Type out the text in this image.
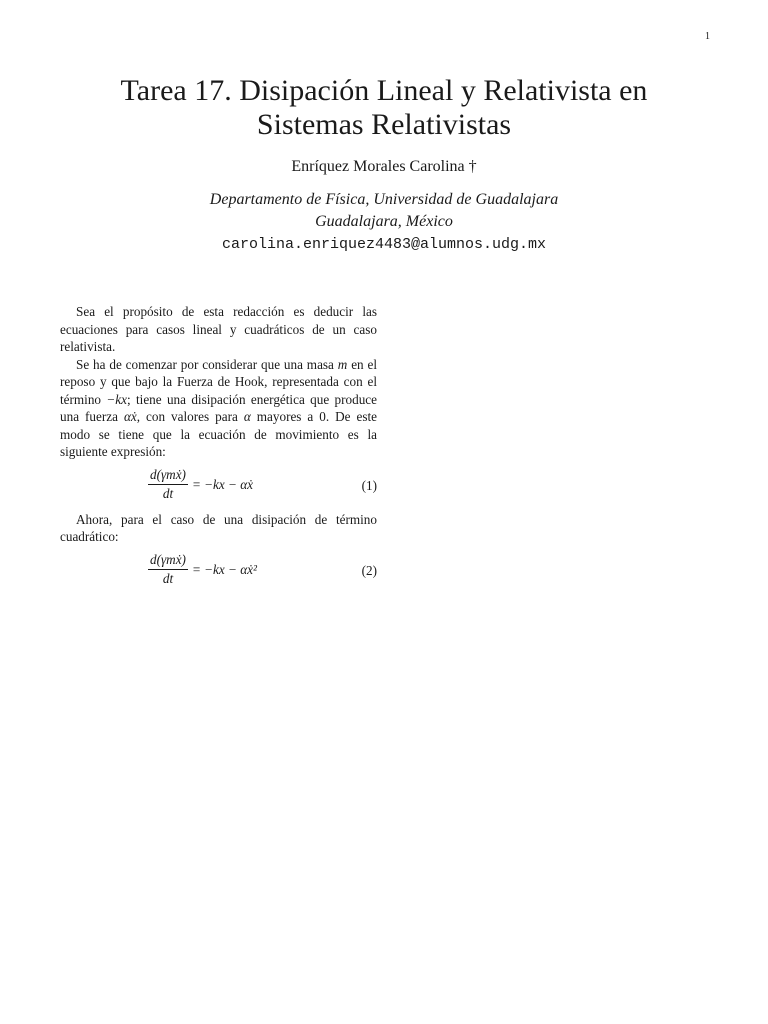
1
Tarea 17. Disipación Lineal y Relativista en
Sistemas Relativistas
Enríquez Morales Carolina †
Departamento de Física, Universidad de Guadalajara
Guadalajara, México
carolina.enriquez4483@alumnos.udg.mx

Sea el propósito de esta redacción es deducir las ecuaciones para casos lineal y cuadráticos de un caso relativista.

Se ha de comenzar por considerar que una masa m en el reposo y que bajo la Fuerza de Hook, representada con el término −kx; tiene una disipación energética que produce una fuerza αẋ, con valores para α mayores a 0. De este modo se tiene que la ecuación de movimiento es la siguiente expresión:

$\frac{\text{d(γmẋ)}}{dt} = -kx$ − αẋ	(1)

Ahora, para el caso de una disipación de término cuadrático:

$\frac{\text{d(γmẋ)}}{dt} = -kx$ − αẋ²	(2)
